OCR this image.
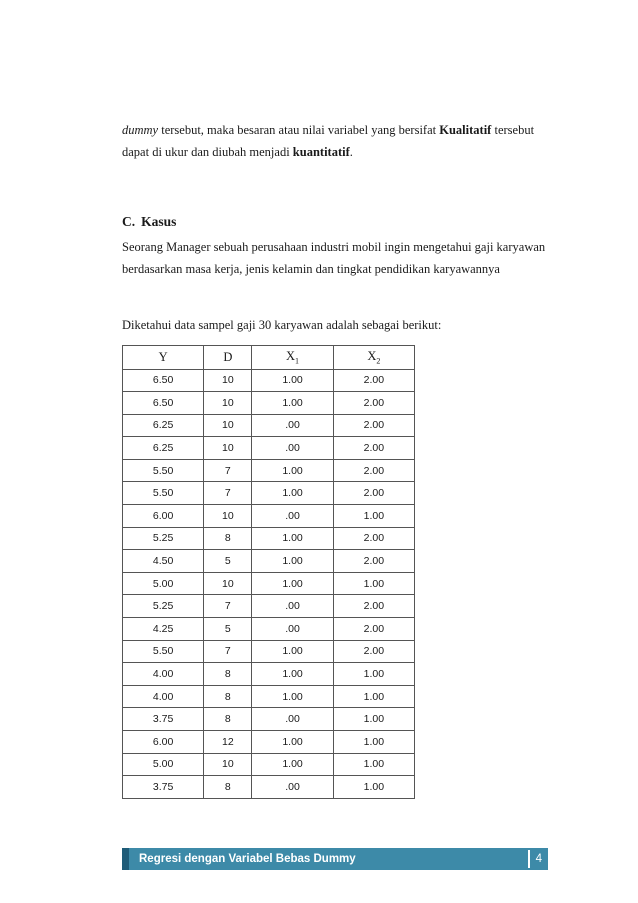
dummy tersebut, maka besaran atau nilai variabel yang bersifat Kualitatif tersebut dapat di ukur dan diubah menjadi kuantitatif.

C. Kasus

Seorang Manager sebuah perusahaan industri mobil ingin mengetahui gaji karyawan berdasarkan masa kerja, jenis kelamin dan tingkat pendidikan karyawannya

Diketahui data sampel gaji 30 karyawan adalah sebagai berikut:

Y	D	$X_1$	$X_2$
6.50	10	1.00	2.00
6.50	10	1.00	2.00
6.25	10	.00	2.00
6.25	10	.00	2.00
5.50	7	1.00	2.00
5.50	7	1.00	2.00
6.00	10	.00	1.00
5.25	8	1.00	2.00
4.50	5	1.00	2.00
5.00	10	1.00	1.00
5.25	7	.00	2.00
4.25	5	.00	2.00
5.50	7	1.00	2.00
4.00	8	1.00	1.00
4.00	8	1.00	1.00
3.75	8	.00	1.00
6.00	12	1.00	1.00
5.00	10	1.00	1.00
3.75	8	.00	1.00
Regresi dengan Variabel Bebas Dummy	4
